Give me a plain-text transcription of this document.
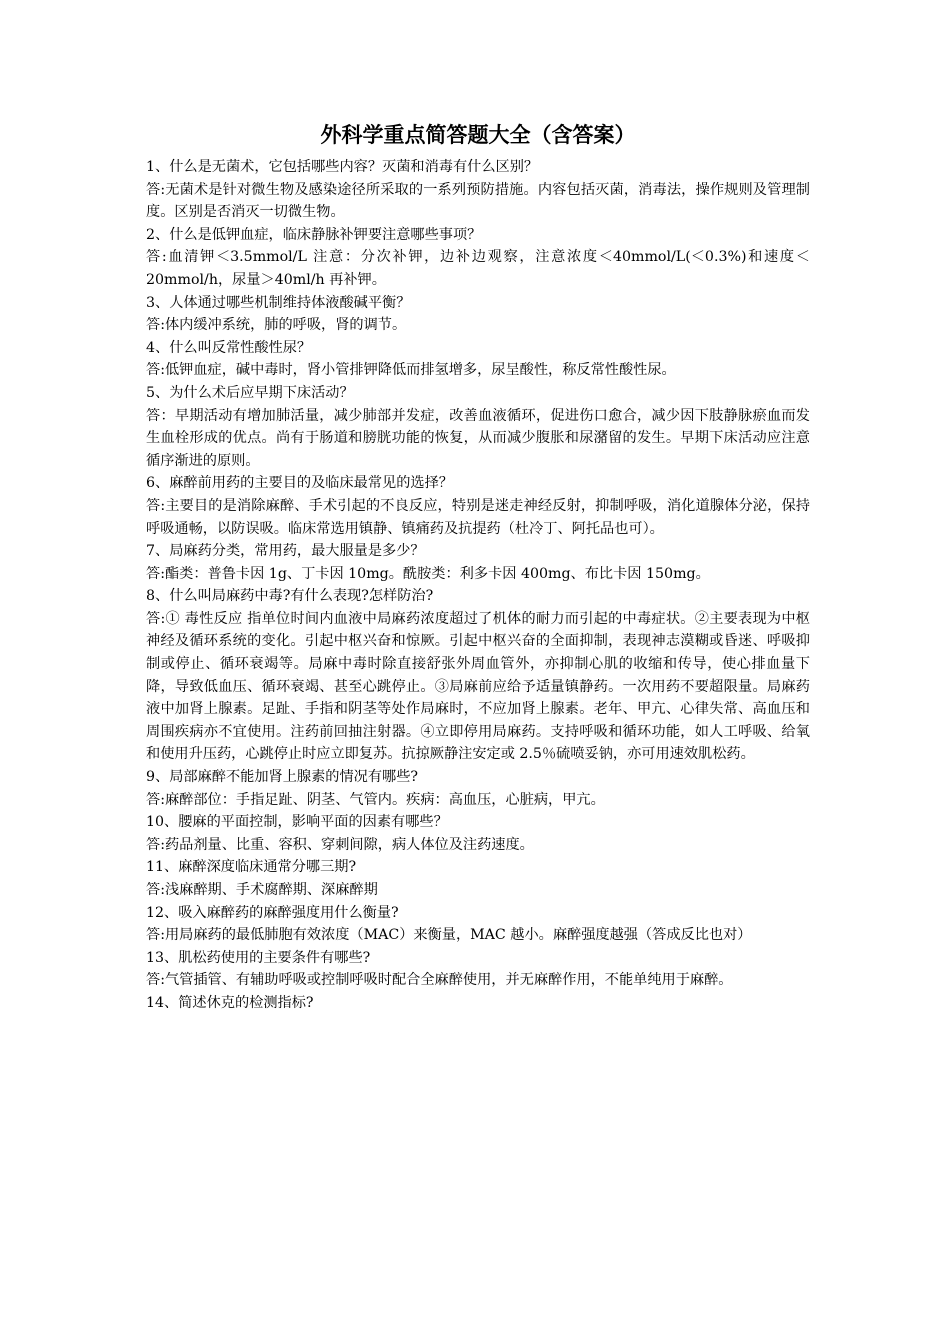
外科学重点简答题大全（含答案）

1、什么是无菌术，它包括哪些内容？灭菌和消毒有什么区别？

答:无菌术是针对微生物及感染途径所采取的一系列预防措施。内容包括灭菌，消毒法，操作规则及管理制度。区别是否消灭一切微生物。

2、什么是低钾血症，临床静脉补钾要注意哪些事项？

答:血清钾＜3.5mmol/L 注意：分次补钾，边补边观察，注意浓度＜40mmol/L(＜0.3%)和速度＜20mmol/h，尿量＞40ml/h 再补钾。

3、人体通过哪些机制维持体液酸碱平衡？

答:体内缓冲系统，肺的呼吸，肾的调节。

4、什么叫反常性酸性尿？

答:低钾血症，碱中毒时，肾小管排钾降低而排氢增多，尿呈酸性，称反常性酸性尿。

5、为什么术后应早期下床活动？

答：早期活动有增加肺活量，减少肺部并发症，改善血液循环，促进伤口愈合，减少因下肢静脉瘀血而发生血栓形成的优点。尚有于肠道和膀胱功能的恢复，从而减少腹胀和尿潴留的发生。早期下床活动应注意循序渐进的原则。

6、麻醉前用药的主要目的及临床最常见的选择？

答:主要目的是消除麻醉、手术引起的不良反应，特别是迷走神经反射，抑制呼吸，消化道腺体分泌，保持呼吸通畅，以防误吸。临床常选用镇静、镇痛药及抗提药（杜冷丁、阿托品也可）。

7、局麻药分类，常用药，最大服量是多少？

答:酯类：普鲁卡因 1g、丁卡因 10mg。酰胺类：利多卡因 400mg、布比卡因 150mg。

8、什么叫局麻药中毒?有什么表现?怎样防治?

答:① 毒性反应 指单位时间内血液中局麻药浓度超过了机体的耐力而引起的中毒症状。②主要表现为中枢神经及循环系统的变化。引起中枢兴奋和惊厥。引起中枢兴奋的全面抑制，表现神志漠糊或昏迷、呼吸抑制或停止、循环衰竭等。局麻中毒时除直接舒张外周血管外，亦抑制心肌的收缩和传导，使心排血量下降，导致低血压、循环衰竭、甚至心跳停止。③局麻前应给予适量镇静药。一次用药不要超限量。局麻药液中加肾上腺素。足趾、手指和阴茎等处作局麻时，不应加肾上腺素。老年、甲亢、心律失常、高血压和周围疾病亦不宜使用。注药前回抽注射器。④立即停用局麻药。支持呼吸和循环功能，如人工呼吸、给氧和使用升压药，心跳停止时应立即复苏。抗掠厥静注安定或 2.5％硫喷妥钠，亦可用速效肌松药。

9、局部麻醉不能加肾上腺素的情况有哪些?

答:麻醉部位：手指足趾、阴茎、气管内。疾病：高血压，心脏病，甲亢。

10、腰麻的平面控制，影响平面的因素有哪些？

答:药品剂量、比重、容积、穿刺间隙，病人体位及注药速度。

11、麻醉深度临床通常分哪三期?

答:浅麻醉期、手术腐醉期、深麻醉期

12、吸入麻醉药的麻醉强度用什么衡量?

答:用局麻药的最低肺胞有效浓度（MAC）来衡量，MAC 越小。麻醉强度越强（答成反比也对）

13、肌松药使用的主要条件有哪些?

答:气管插管、有辅助呼吸或控制呼吸时配合全麻醉使用，并无麻醉作用，不能单纯用于麻醉。

14、简述休克的检测指标?
